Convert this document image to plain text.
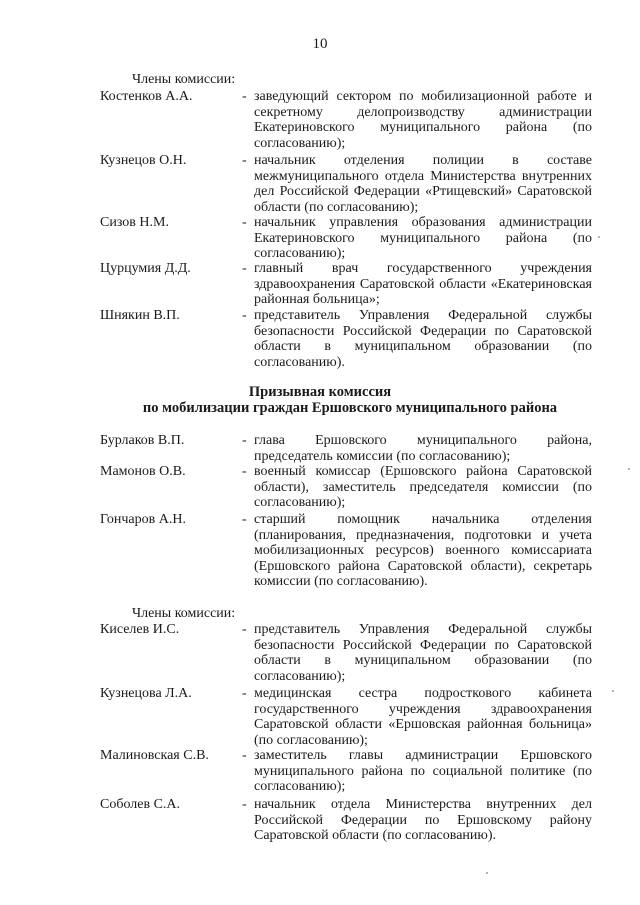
10
Члены комиссии:
Костенков А.А.	- заведующий сектором по мобилизационной работе и секретному делопроизводству администрации Екатериновского муниципального района (по согласованию);
Кузнецов О.Н.	- начальник отделения полиции в составе межмуниципального отдела Министерства внутренних дел Российской Федерации «Ртищевский» Саратовской области (по согласованию);
Сизов Н.М.	- начальник управления образования администрации Екатериновского муниципального района (по согласованию);
Цурцумия Д.Д.	- главный врач государственного учреждения здравоохранения Саратовской области «Екатериновская районная больница»;
Шнякин В.П.	- представитель Управления Федеральной службы безопасности Российской Федерации по Саратовской области в муниципальном образовании (по согласованию).
Призывная комиссия
по мобилизации граждан Ершовского муниципального района
Бурлаков В.П.	- глава Ершовского муниципального района, председатель комиссии (по согласованию);
Мамонов О.В.	- военный комиссар (Ершовского района Саратовской области), заместитель председателя комиссии (по согласованию);
Гончаров А.Н.	- старший помощник начальника отделения (планирования, предназначения, подготовки и учета мобилизационных ресурсов) военного комиссариата (Ершовского района Саратовской области), секретарь комиссии (по согласованию).
Члены комиссии:
Киселев И.С.	- представитель Управления Федеральной службы безопасности Российской Федерации по Саратовской области в муниципальном образовании (по согласованию);
Кузнецова Л.А.	- медицинская сестра подросткового кабинета государственного учреждения здравоохранения Саратовской области «Ершовская районная больница» (по согласованию);
Малиновская С.В.	- заместитель главы администрации Ершовского муниципального района по социальной политике (по согласованию);
Соболев С.А.	- начальник отдела Министерства внутренних дел Российской Федерации по Ершовскому району Саратовской области (по согласованию).
